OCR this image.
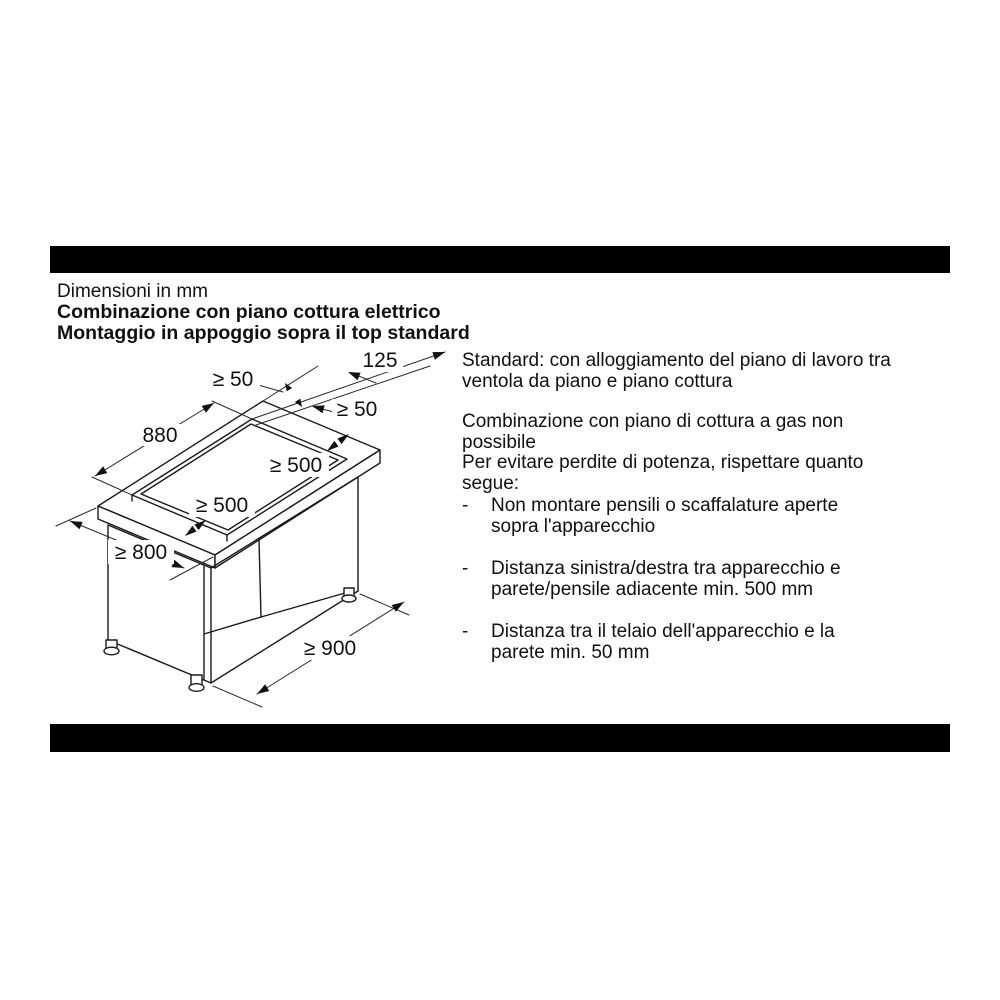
Dimensioni in mm
Combinazione con piano cottura elettrico
Montaggio in appoggio sopra il top standard
880
125
≥ 50
≥ 50
≥ 500
≥ 500
≥ 800
≥ 900
Standard: con alloggiamento del piano di lavoro tra
ventola da piano e piano cottura
Combinazione con piano di cottura a gas non
possibile
Per evitare perdite di potenza, rispettare quanto
segue:
-	Non montare pensili o scaffalature aperte
sopra l'apparecchio
-	Distanza sinistra/destra tra apparecchio e
parete/pensile adiacente min. 500 mm
-	Distanza tra il telaio dell'apparecchio e la
parete min. 50 mm
